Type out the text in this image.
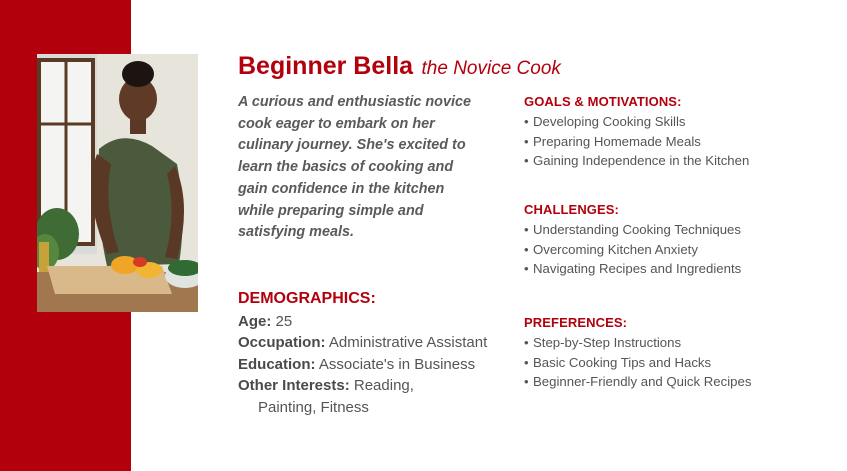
Beginner Bella the Novice Cook
A curious and enthusiastic novice cook eager to embark on her culinary journey. She's excited to learn the basics of cooking and gain confidence in the kitchen while preparing simple and satisfying meals.
DEMOGRAPHICS:
Age: 25
Occupation: Administrative Assistant
Education: Associate's in Business
Other Interests: Reading,
Painting, Fitness
GOALS & MOTIVATIONS:
• Developing Cooking Skills
• Preparing Homemade Meals
• Gaining Independence in the Kitchen
CHALLENGES:
• Understanding Cooking Techniques
• Overcoming Kitchen Anxiety
• Navigating Recipes and Ingredients
PREFERENCES:
• Step-by-Step Instructions
• Basic Cooking Tips and Hacks
• Beginner-Friendly and Quick Recipes
